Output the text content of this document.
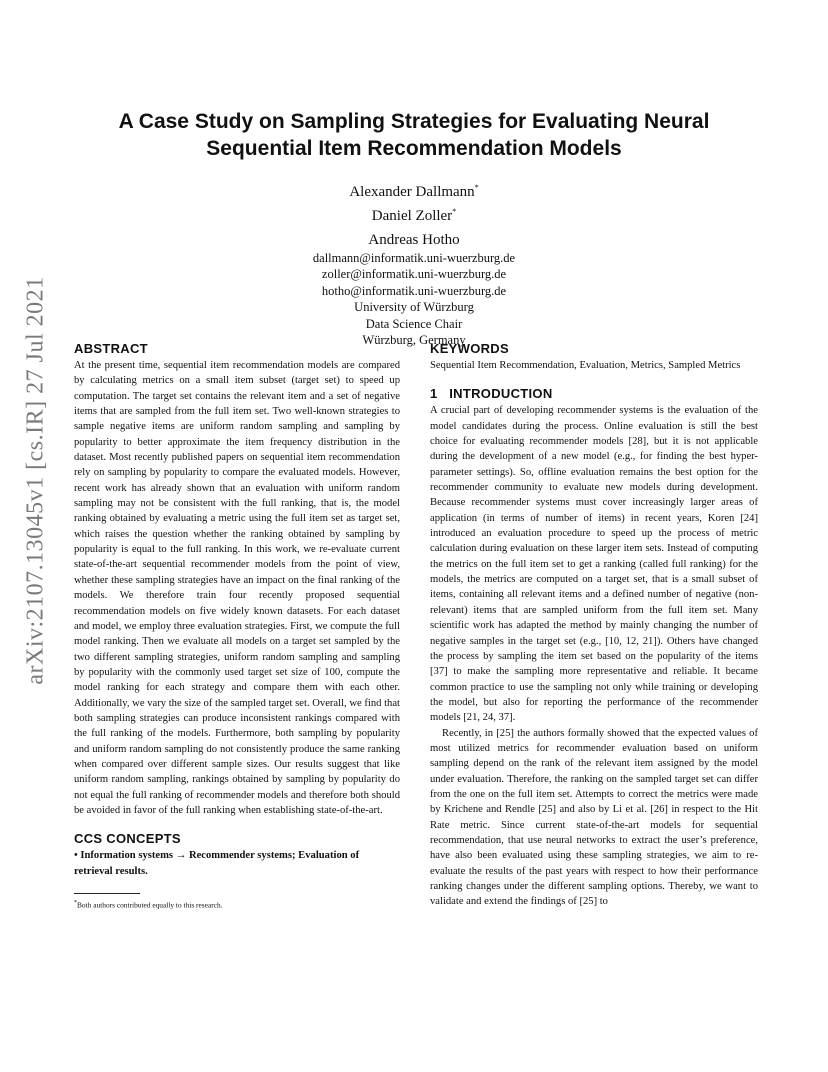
arXiv:2107.13045v1 [cs.IR] 27 Jul 2021
A Case Study on Sampling Strategies for Evaluating Neural
Sequential Item Recommendation Models
Alexander Dallmann*
Daniel Zoller*
Andreas Hotho
dallmann@informatik.uni-wuerzburg.de
zoller@informatik.uni-wuerzburg.de
hotho@informatik.uni-wuerzburg.de
University of Würzburg
Data Science Chair
Würzburg, Germany
ABSTRACT

At the present time, sequential item recommendation models are compared by calculating metrics on a small item subset (target set) to speed up computation. The target set contains the relevant item and a set of negative items that are sampled from the full item set. Two well-known strategies to sample negative items are uniform random sampling and sampling by popularity to better approximate the item frequency distribution in the dataset. Most recently published papers on sequential item recommendation rely on sampling by popularity to compare the evaluated models. However, recent work has already shown that an evaluation with uniform random sampling may not be consistent with the full ranking, that is, the model ranking obtained by evaluating a metric using the full item set as target set, which raises the question whether the ranking obtained by sampling by popularity is equal to the full ranking. In this work, we re-evaluate current state-of-the-art sequential recommender models from the point of view, whether these sampling strategies have an impact on the final ranking of the models. We therefore train four recently proposed sequential recommendation models on five widely known datasets. For each dataset and model, we employ three evaluation strategies. First, we compute the full model ranking. Then we evaluate all models on a target set sampled by the two different sampling strategies, uniform random sampling and sampling by popularity with the commonly used target set size of 100, compute the model ranking for each strategy and compare them with each other. Additionally, we vary the size of the sampled target set. Overall, we find that both sampling strategies can produce inconsistent rankings compared with the full ranking of the models. Furthermore, both sampling by popularity and uniform random sampling do not consistently produce the same ranking when compared over different sample sizes. Our results suggest that like uniform random sampling, rankings obtained by sampling by popularity do not equal the full ranking of recommender models and therefore both should be avoided in favor of the full ranking when establishing state-of-the-art.

CCS CONCEPTS

• Information systems → Recommender systems; Evaluation of retrieval results.

*Both authors contributed equally to this research.

KEYWORDS

Sequential Item Recommendation, Evaluation, Metrics, Sampled Metrics

1   INTRODUCTION

A crucial part of developing recommender systems is the evaluation of the model candidates during the process. Online evaluation is still the best choice for evaluating recommender models [28], but it is not applicable during the development of a new model (e.g., for finding the best hyper-parameter settings). So, offline evaluation remains the best option for the recommender community to evaluate new models during development. Because recommender systems must cover increasingly larger areas of application (in terms of number of items) in recent years, Koren [24] introduced an evaluation procedure to speed up the process of metric calculation during evaluation on these larger item sets. Instead of computing the metrics on the full item set to get a ranking (called full ranking) for the models, the metrics are computed on a target set, that is a small subset of items, containing all relevant items and a defined number of negative (non-relevant) items that are sampled uniform from the full item set. Many scientific work has adapted the method by mainly changing the number of negative samples in the target set (e.g., [10, 12, 21]). Others have changed the process by sampling the item set based on the popularity of the items [37] to make the sampling more representative and reliable. It became common practice to use the sampling not only while training or developing the model, but also for reporting the performance of the recommender models [21, 24, 37].

Recently, in [25] the authors formally showed that the expected values of most utilized metrics for recommender evaluation based on uniform sampling depend on the rank of the relevant item assigned by the model under evaluation. Therefore, the ranking on the sampled target set can differ from the one on the full item set. Attempts to correct the metrics were made by Krichene and Rendle [25] and also by Li et al. [26] in respect to the Hit Rate metric. Since current state-of-the-art models for sequential recommendation, that use neural networks to extract the user’s preference, have also been evaluated using these sampling strategies, we aim to re-evaluate the results of the past years with respect to how their performance ranking changes under the different sampling options. Thereby, we want to validate and extend the findings of [25] to
